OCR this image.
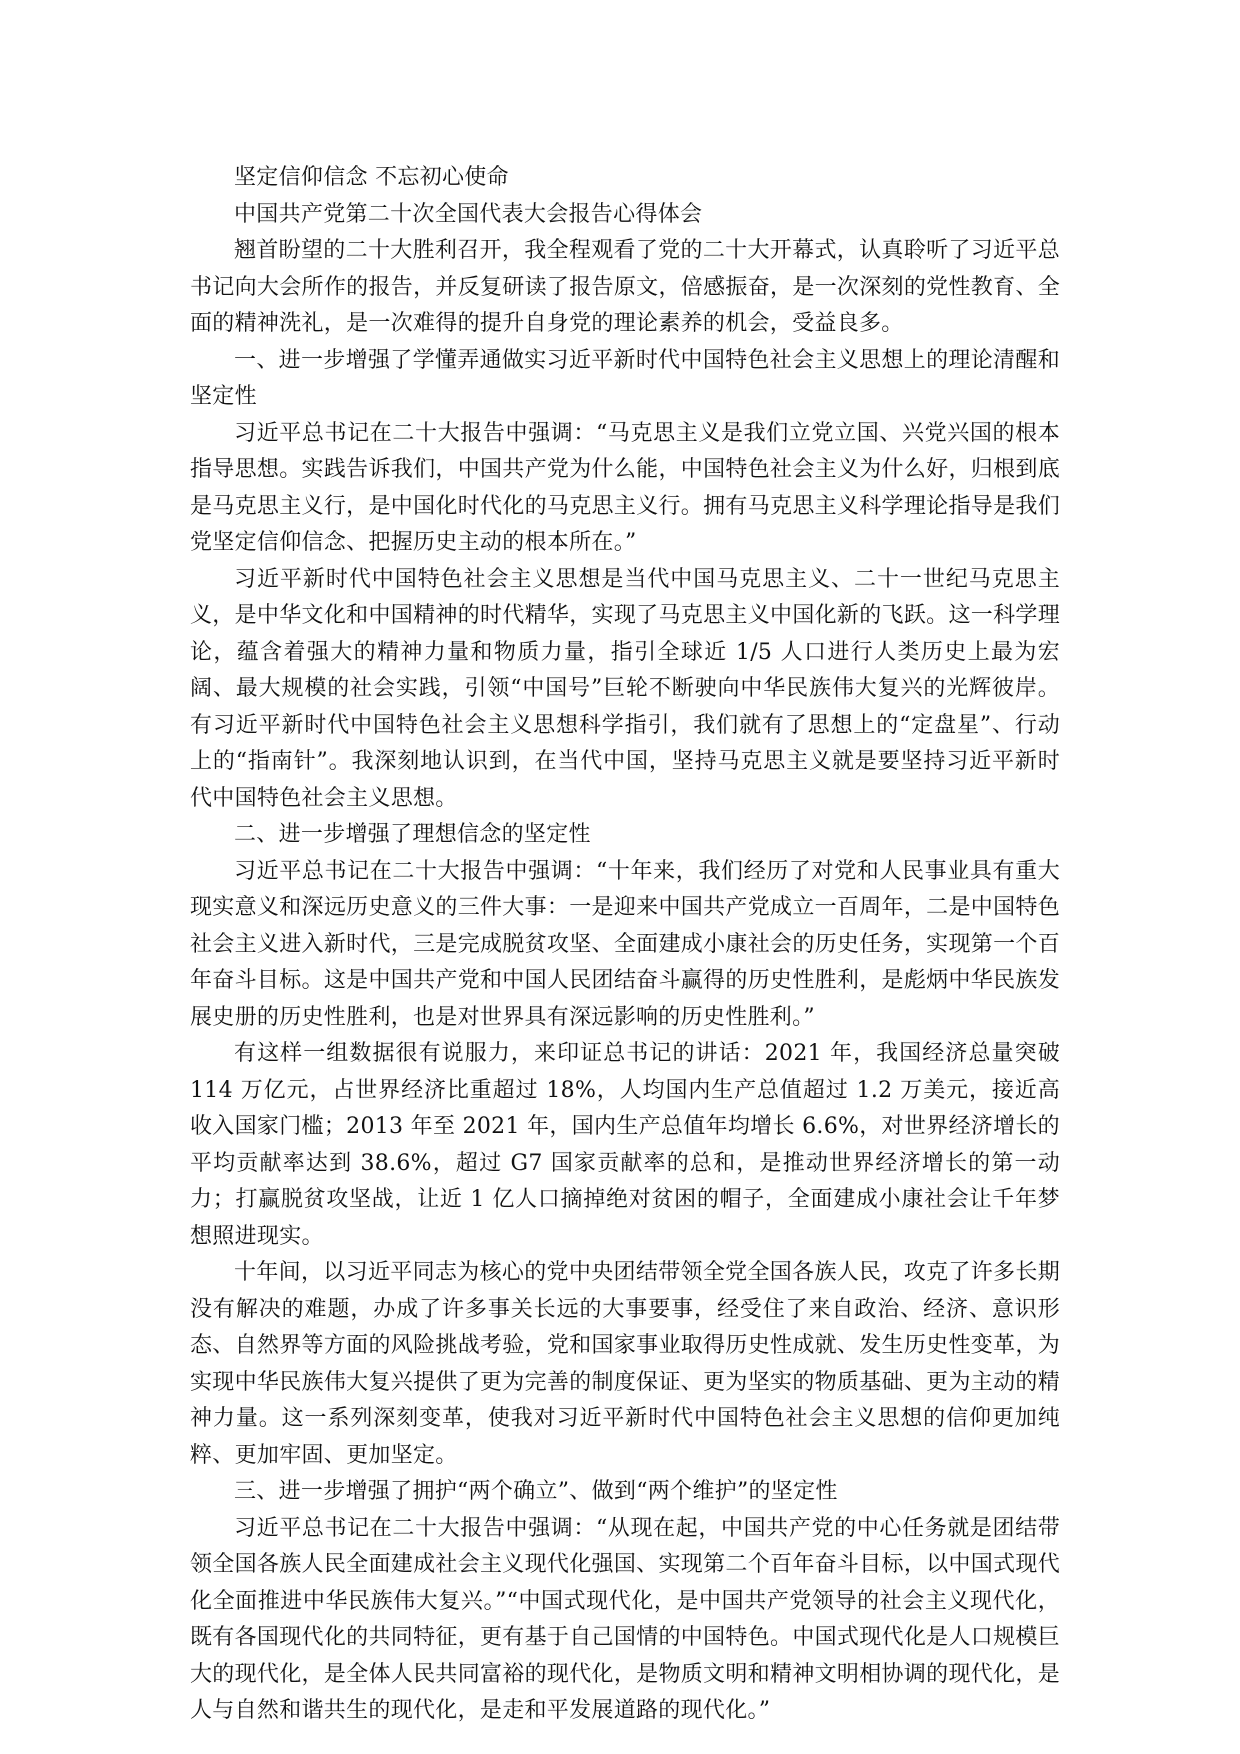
坚定信仰信念 不忘初心使命

中国共产党第二十次全国代表大会报告心得体会

翘首盼望的二十大胜利召开，我全程观看了党的二十大开幕式，认真聆听了习近平总书记向大会所作的报告，并反复研读了报告原文，倍感振奋，是一次深刻的党性教育、全面的精神洗礼，是一次难得的提升自身党的理论素养的机会，受益良多。

一、进一步增强了学懂弄通做实习近平新时代中国特色社会主义思想上的理论清醒和坚定性

习近平总书记在二十大报告中强调：“马克思主义是我们立党立国、兴党兴国的根本指导思想。实践告诉我们，中国共产党为什么能，中国特色社会主义为什么好，归根到底是马克思主义行，是中国化时代化的马克思主义行。拥有马克思主义科学理论指导是我们党坚定信仰信念、把握历史主动的根本所在。”

习近平新时代中国特色社会主义思想是当代中国马克思主义、二十一世纪马克思主义，是中华文化和中国精神的时代精华，实现了马克思主义中国化新的飞跃。这一科学理论，蕴含着强大的精神力量和物质力量，指引全球近 1/5 人口进行人类历史上最为宏阔、最大规模的社会实践，引领“中国号”巨轮不断驶向中华民族伟大复兴的光辉彼岸。有习近平新时代中国特色社会主义思想科学指引，我们就有了思想上的“定盘星”、行动上的“指南针”。我深刻地认识到，在当代中国，坚持马克思主义就是要坚持习近平新时代中国特色社会主义思想。

二、进一步增强了理想信念的坚定性

习近平总书记在二十大报告中强调：“十年来，我们经历了对党和人民事业具有重大现实意义和深远历史意义的三件大事：一是迎来中国共产党成立一百周年，二是中国特色社会主义进入新时代，三是完成脱贫攻坚、全面建成小康社会的历史任务，实现第一个百年奋斗目标。这是中国共产党和中国人民团结奋斗赢得的历史性胜利，是彪炳中华民族发展史册的历史性胜利，也是对世界具有深远影响的历史性胜利。”

有这样一组数据很有说服力，来印证总书记的讲话：2021 年，我国经济总量突破 114 万亿元，占世界经济比重超过 18%，人均国内生产总值超过 1.2 万美元，接近高收入国家门槛；2013 年至 2021 年，国内生产总值年均增长 6.6%，对世界经济增长的平均贡献率达到 38.6%，超过 G7 国家贡献率的总和，是推动世界经济增长的第一动力；打赢脱贫攻坚战，让近 1 亿人口摘掉绝对贫困的帽子，全面建成小康社会让千年梦想照进现实。

十年间，以习近平同志为核心的党中央团结带领全党全国各族人民，攻克了许多长期没有解决的难题，办成了许多事关长远的大事要事，经受住了来自政治、经济、意识形态、自然界等方面的风险挑战考验，党和国家事业取得历史性成就、发生历史性变革，为实现中华民族伟大复兴提供了更为完善的制度保证、更为坚实的物质基础、更为主动的精神力量。这一系列深刻变革，使我对习近平新时代中国特色社会主义思想的信仰更加纯粹、更加牢固、更加坚定。

三、进一步增强了拥护“两个确立”、做到“两个维护”的坚定性

习近平总书记在二十大报告中强调：“从现在起，中国共产党的中心任务就是团结带领全国各族人民全面建成社会主义现代化强国、实现第二个百年奋斗目标，以中国式现代化全面推进中华民族伟大复兴。”“中国式现代化，是中国共产党领导的社会主义现代化，既有各国现代化的共同特征，更有基于自己国情的中国特色。中国式现代化是人口规模巨大的现代化，是全体人民共同富裕的现代化，是物质文明和精神文明相协调的现代化，是人与自然和谐共生的现代化，是走和平发展道路的现代化。”
